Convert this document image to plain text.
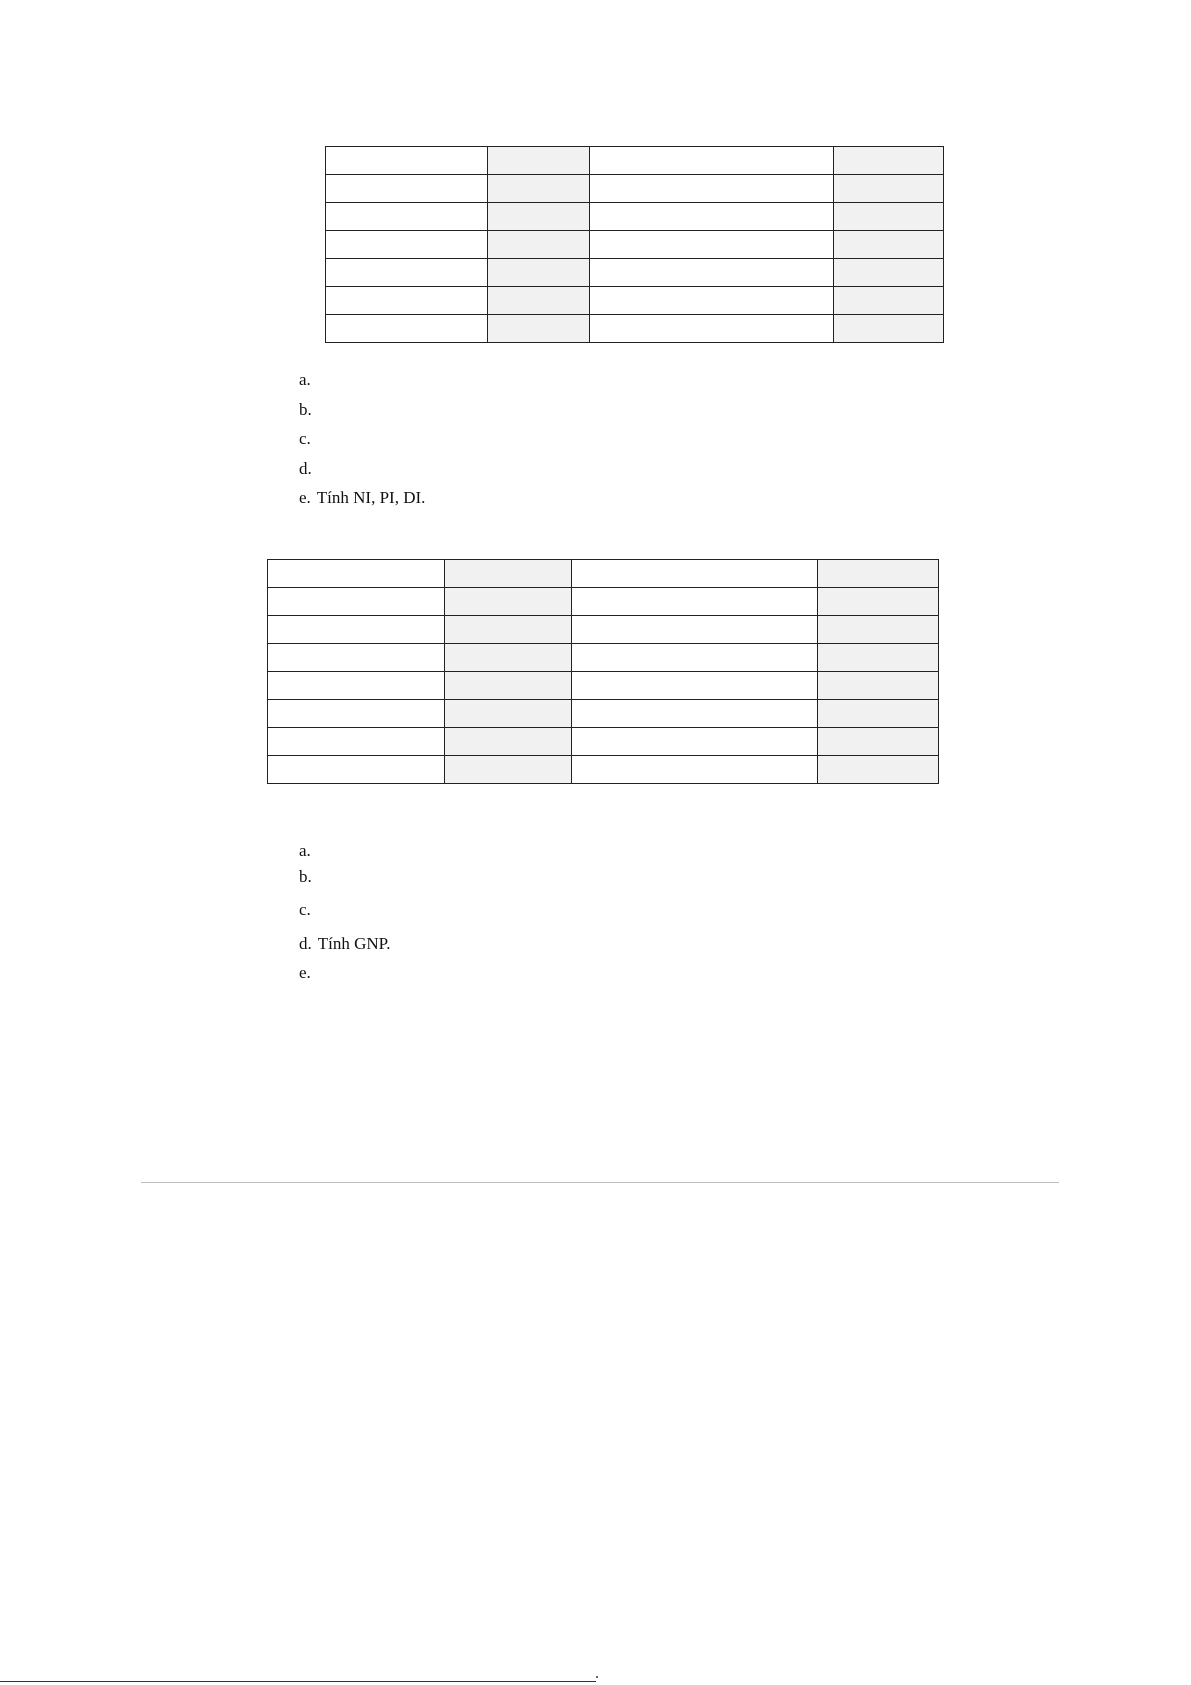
a.
b.
c.
d.
e. Tính NI, PI, DI.

a.
b.
c.
d. Tính GNP.
e.
